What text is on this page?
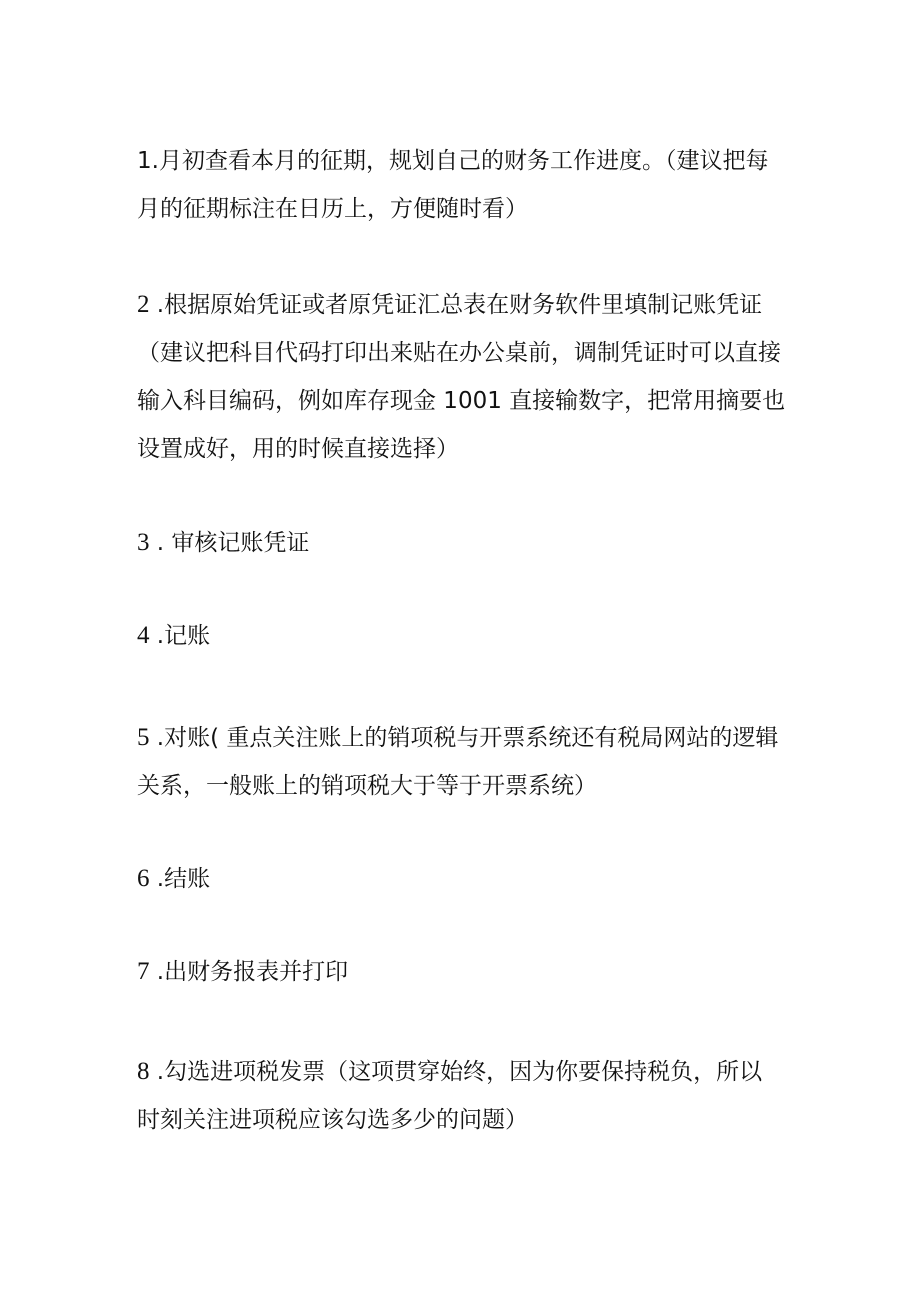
1.月初查看本月的征期，规划自己的财务工作进度。（建议把每
月的征期标注在日历上，方便随时看）

2 .根据原始凭证或者原凭证汇总表在财务软件里填制记账凭证
（建议把科目代码打印出来贴在办公桌前，调制凭证时可以直接
输入科目编码，例如库存现金 1001 直接输数字，把常用摘要也
设置成好，用的时候直接选择）

3 . 审核记账凭证

4 .记账

5 .对账( 重点关注账上的销项税与开票系统还有税局网站的逻辑
关系，一般账上的销项税大于等于开票系统）

6 .结账

7 .出财务报表并打印

8 .勾选进项税发票（这项贯穿始终，因为你要保持税负，所以
时刻关注进项税应该勾选多少的问题）
